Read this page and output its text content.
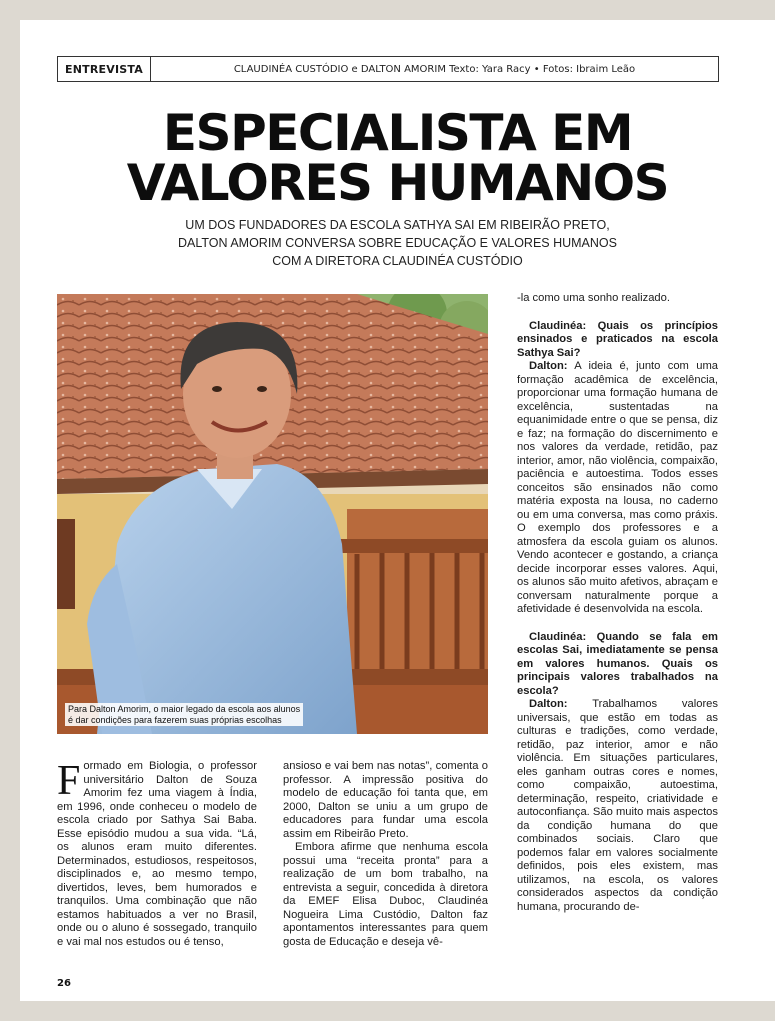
ENTREVISTA	CLAUDINÉA CUSTÓDIO e DALTON AMORIM Texto: Yara Racy • Fotos: Ibraim Leão
ESPECIALISTA EM
VALORES HUMANOS
UM DOS FUNDADORES DA ESCOLA SATHYA SAI EM RIBEIRÃO PRETO,
DALTON AMORIM CONVERSA SOBRE EDUCAÇÃO E VALORES HUMANOS
COM A DIRETORA CLAUDINÉA CUSTÓDIO
Para Dalton Amorim, o maior legado da escola aos alunos
é dar condições para fazerem suas próprias escolhas

Formado em Biologia, o professor universitário Dalton de Souza Amorim fez uma viagem à Índia, em 1996, onde conheceu o modelo de escola criado por Sathya Sai Baba. Esse episódio mudou a sua vida. “Lá, os alunos eram muito diferentes. Determinados, estudiosos, respeitosos, disciplinados e, ao mesmo tempo, divertidos, leves, bem humorados e tranquilos. Uma combinação que não estamos habituados a ver no Brasil, onde ou o aluno é sossegado, tranquilo e vai mal nos estudos ou é tenso,

ansioso e vai bem nas notas”, comenta o professor. A impressão positiva do modelo de educação foi tanta que, em 2000, Dalton se uniu a um grupo de educadores para fundar uma escola assim em Ribeirão Preto.

Embora afirme que nenhuma escola possui uma “receita pronta” para a realização de um bom trabalho, na entrevista a seguir, concedida à diretora da EMEF Elisa Duboc, Claudinéa Nogueira Lima Custódio, Dalton faz apontamentos interessantes para quem gosta de Educação e deseja vê-

-la como uma sonho realizado.

Claudinéa: Quais os princípios ensinados e praticados na escola Sathya Sai?

Dalton: A ideia é, junto com uma formação acadêmica de excelência, proporcionar uma formação humana de excelência, sustentadas na equanimidade entre o que se pensa, diz e faz; na formação do discernimento e nos valores da verdade, retidão, paz interior, amor, não violência, compaixão, paciência e autoestima. Todos esses conceitos são ensinados não como matéria exposta na lousa, no caderno ou em uma conversa, mas como práxis. O exemplo dos professores e a atmosfera da escola guiam os alunos. Vendo acontecer e gostando, a criança decide incorporar esses valores. Aqui, os alunos são muito afetivos, abraçam e conversam naturalmente porque a afetividade é desenvolvida na escola.

Claudinéa: Quando se fala em escolas Sai, imediatamente se pensa em valores humanos. Quais os principais valores trabalhados na escola?

Dalton: Trabalhamos valores universais, que estão em todas as culturas e tradições, como verdade, retidão, paz interior, amor e não violência. Em situações particulares, eles ganham outras cores e nomes, como compaixão, autoestima, determinação, respeito, criatividade e autoconfiança. São muito mais aspectos da condição humana do que combinados sociais. Claro que podemos falar em valores socialmente definidos, pois eles existem, mas utilizamos, na escola, os valores considerados aspectos da condição humana, procurando de-

26
